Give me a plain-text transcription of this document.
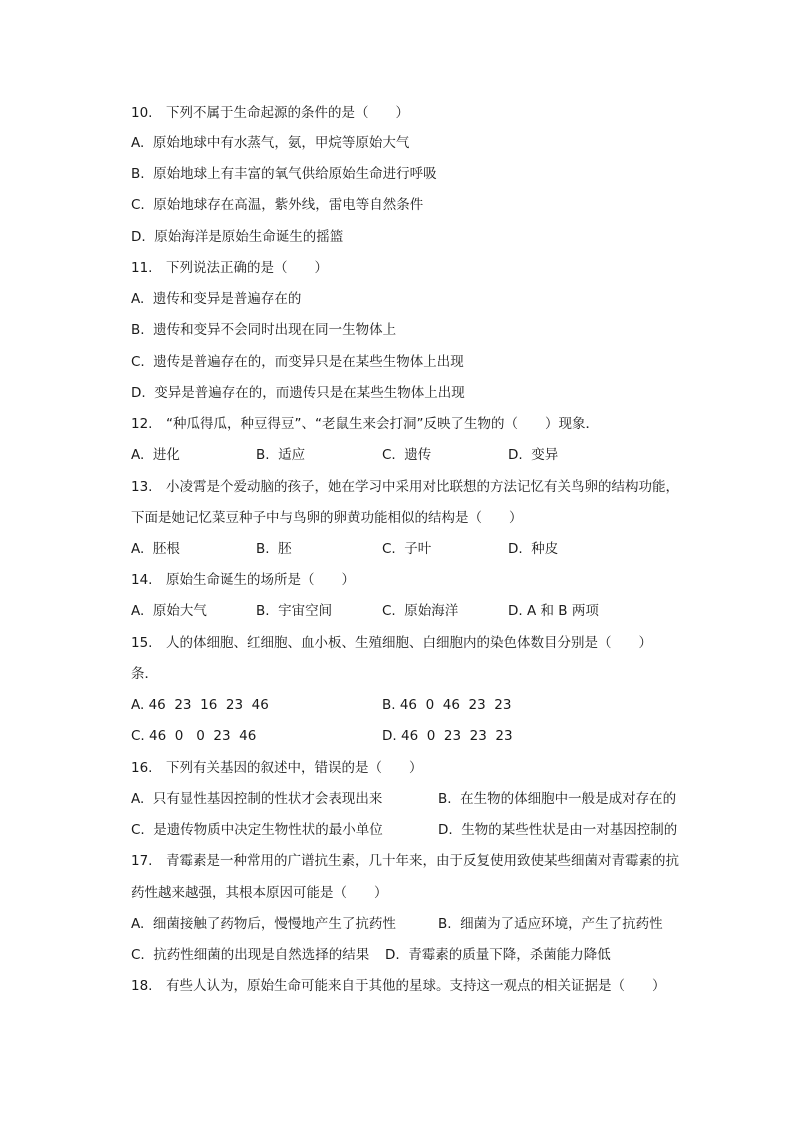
10.　下列不属于生命起源的条件的是（　　）
A.  原始地球中有水蒸气，氨，甲烷等原始大气
B.  原始地球上有丰富的氧气供给原始生命进行呼吸
C.  原始地球存在高温，紫外线，雷电等自然条件
D.  原始海洋是原始生命诞生的摇篮
11.　下列说法正确的是（　　）
A.  遗传和变异是普遍存在的
B.  遗传和变异不会同时出现在同一生物体上
C.  遗传是普遍存在的，而变异只是在某些生物体上出现
D.  变异是普遍存在的，而遗传只是在某些生物体上出现
12.　“种瓜得瓜，种豆得豆”、“老鼠生来会打洞”反映了生物的（　　）现象．
A.  进化	B.  适应	C.  遗传	D.  变异
13.　小凌霄是个爱动脑的孩子，她在学习中采用对比联想的方法记忆有关鸟卵的结构功能，
下面是她记忆菜豆种子中与鸟卵的卵黄功能相似的结构是（　　）
A.  胚根	B.  胚	C.  子叶	D.  种皮
14.　原始生命诞生的场所是（　　）
A.  原始大气	B.  宇宙空间	C.  原始海洋	D. A 和 B 两项
15.　人的体细胞、红细胞、血小板、生殖细胞、白细胞内的染色体数目分别是（　　）
条．
A. 46  23  16  23  46	B. 46  0  46  23  23
C. 46  0   0  23  46	D. 46  0  23  23  23
16.　下列有关基因的叙述中，错误的是（　　）
A.  只有显性基因控制的性状才会表现出来	B.  在生物的体细胞中一般是成对存在的
C.  是遗传物质中决定生物性状的最小单位	D.  生物的某些性状是由一对基因控制的
17.　青霉素是一种常用的广谱抗生素，几十年来，由于反复使用致使某些细菌对青霉素的抗
药性越来越强，其根本原因可能是（　　）
A.  细菌接触了药物后，慢慢地产生了抗药性	B.  细菌为了适应环境，产生了抗药性
C.  抗药性细菌的出现是自然选择的结果 D.  青霉素的质量下降，杀菌能力降低
18.　有些人认为，原始生命可能来自于其他的星球。支持这一观点的相关证据是（　　）
